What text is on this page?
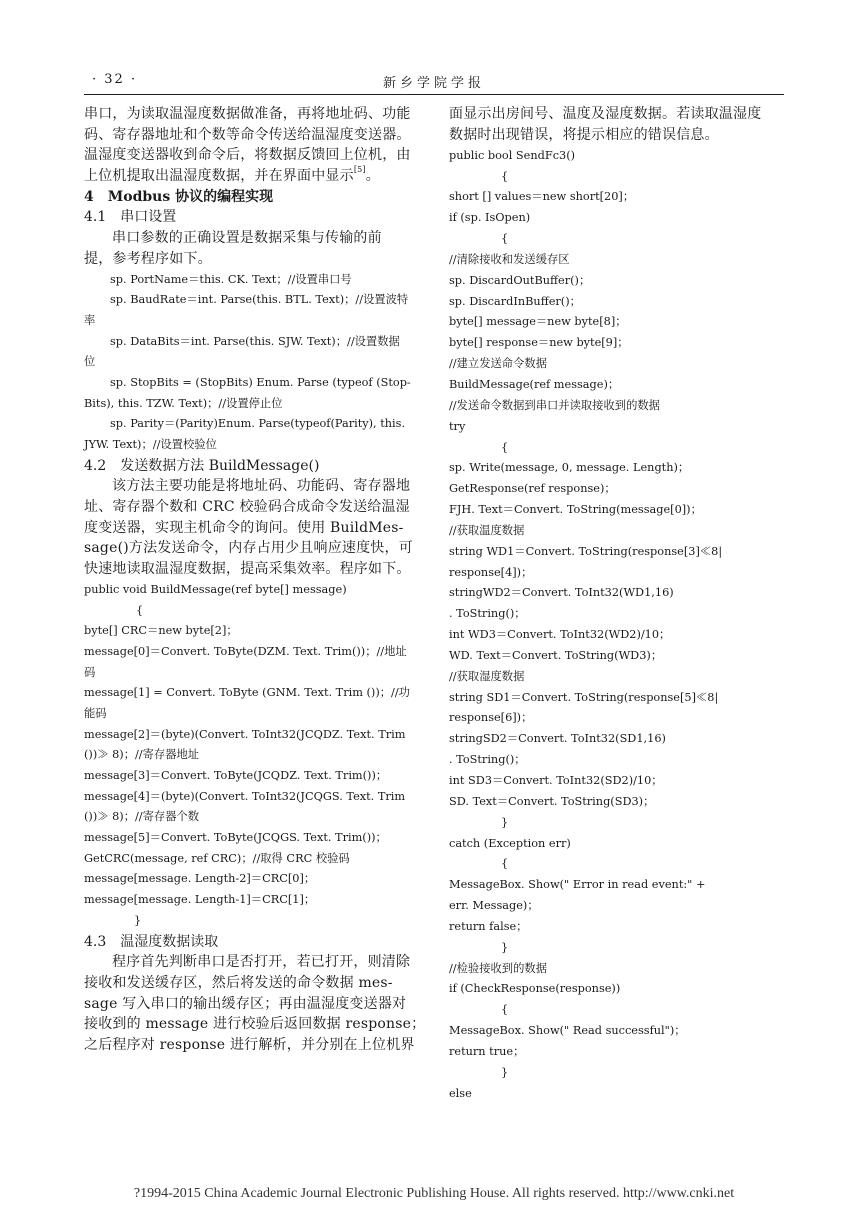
· 32 ·	新乡学院学报
串口，为读取温湿度数据做准备，再将地址码、功能
码、寄存器地址和个数等命令传送给温湿度变送器。
温湿度变送器收到命令后，将数据反馈回上位机，由
上位机提取出温湿度数据，并在界面中显示[5]。
4　Modbus 协议的编程实现
4.1　串口设置
串口参数的正确设置是数据采集与传输的前
提，参考程序如下。
sp. PortName＝this. CK. Text；//设置串口号
sp. BaudRate＝int. Parse(this. BTL. Text)；//设置波特
率
sp. DataBits＝int. Parse(this. SJW. Text)；//设置数据
位
sp. StopBits = (StopBits) Enum. Parse (typeof (Stop-
Bits), this. TZW. Text)；//设置停止位
sp. Parity＝(Parity)Enum. Parse(typeof(Parity), this.
JYW. Text)；//设置校验位
4.2　发送数据方法 BuildMessage()
该方法主要功能是将地址码、功能码、寄存器地
址、寄存器个数和 CRC 校验码合成命令发送给温湿
度变送器，实现主机命令的询问。使用 BuildMes-
sage()方法发送命令，内存占用少且响应速度快，可
快速地读取温湿度数据，提高采集效率。程序如下。
public void BuildMessage(ref byte[] message)
{
byte[] CRC＝new byte[2]；
message[0]＝Convert. ToByte(DZM. Text. Trim())；//地址
码
message[1] = Convert. ToByte (GNM. Text. Trim ())；//功
能码
message[2]＝(byte)(Convert. ToInt32(JCQDZ. Text. Trim
())≫ 8)；//寄存器地址
message[3]＝Convert. ToByte(JCQDZ. Text. Trim())；
message[4]＝(byte)(Convert. ToInt32(JCQGS. Text. Trim
())≫ 8)；//寄存器个数
message[5]＝Convert. ToByte(JCQGS. Text. Trim())；
GetCRC(message, ref CRC)；//取得 CRC 校验码
message[message. Length-2]＝CRC[0]；
message[message. Length-1]＝CRC[1]；
}
4.3　温湿度数据读取
程序首先判断串口是否打开，若已打开，则清除
接收和发送缓存区，然后将发送的命令数据 mes-
sage 写入串口的输出缓存区；再由温湿度变送器对
接收到的 message 进行校验后返回数据 response；
之后程序对 response 进行解析，并分别在上位机界
面显示出房间号、温度及湿度数据。若读取温湿度
数据时出现错误，将提示相应的错误信息。
public bool SendFc3()
{
short [] values＝new short[20]；
if (sp. IsOpen)
{
//清除接收和发送缓存区
sp. DiscardOutBuffer()；
sp. DiscardInBuffer()；
byte[] message＝new byte[8]；
byte[] response＝new byte[9]；
//建立发送命令数据
BuildMessage(ref message)；
//发送命令数据到串口并读取接收到的数据
try
{
sp. Write(message, 0, message. Length)；
GetResponse(ref response)；
FJH. Text＝Convert. ToString(message[0])；
//获取温度数据
string WD1＝Convert. ToString(response[3]≪8|
response[4])；
stringWD2＝Convert. ToInt32(WD1,16)
. ToString()；
int WD3＝Convert. ToInt32(WD2)/10；
WD. Text＝Convert. ToString(WD3)；
//获取湿度数据
string SD1＝Convert. ToString(response[5]≪8|
response[6])；
stringSD2＝Convert. ToInt32(SD1,16)
. ToString()；
int SD3＝Convert. ToInt32(SD2)/10；
SD. Text＝Convert. ToString(SD3)；
}
catch (Exception err)
{
MessageBox. Show(" Error in read event:" +
err. Message)；
return false；
}
//检验接收到的数据
if (CheckResponse(response))
{
MessageBox. Show(" Read successful")；
return true；
}
else
?1994-2015 China Academic Journal Electronic Publishing House. All rights reserved. http://www.cnki.net
